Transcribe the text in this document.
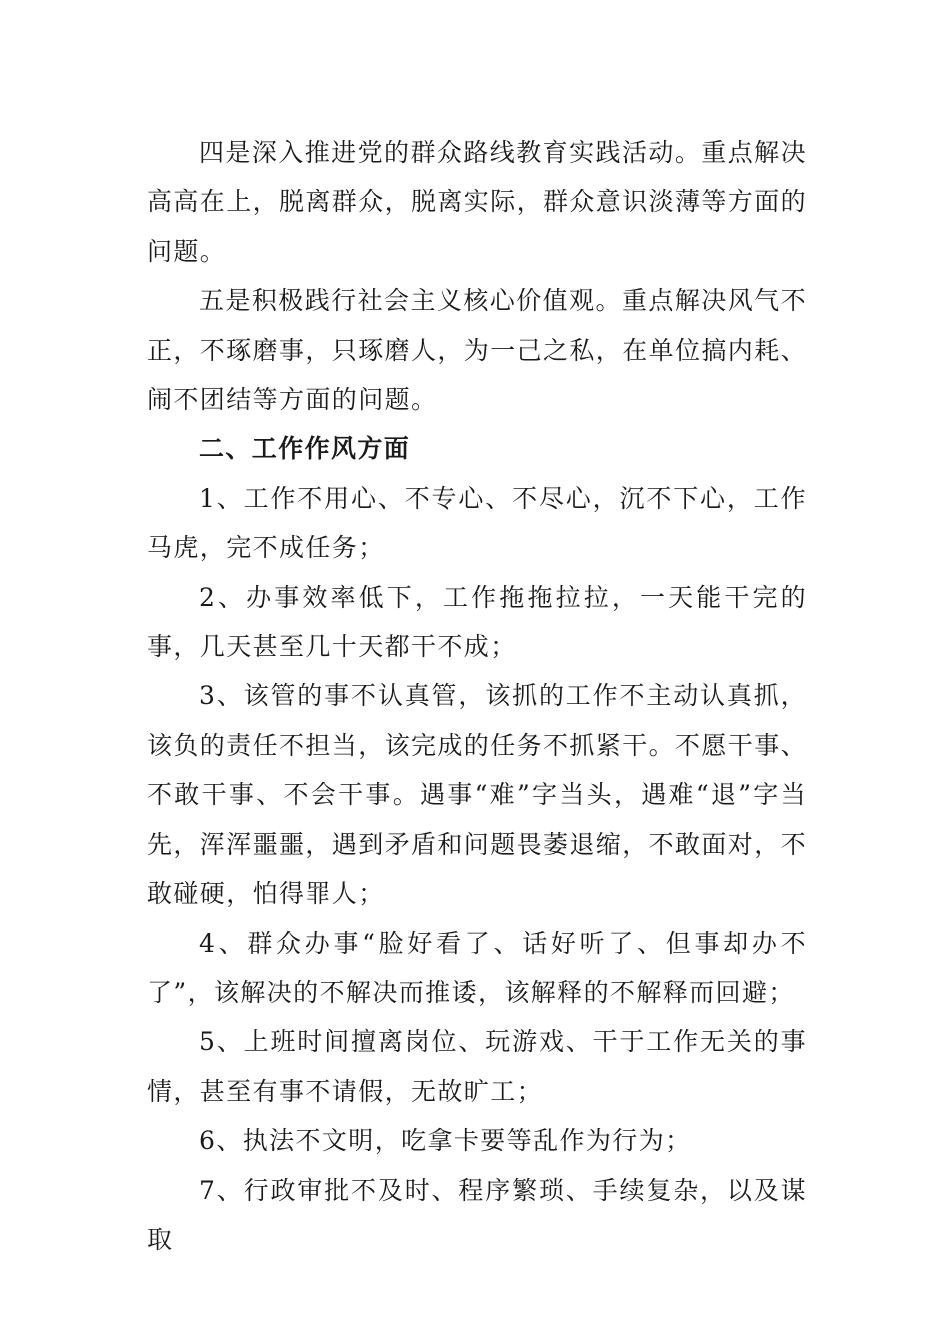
四是深入推进党的群众路线教育实践活动。重点解决高高在上，脱离群众，脱离实际，群众意识淡薄等方面的问题。

五是积极践行社会主义核心价值观。重点解决风气不正，不琢磨事，只琢磨人，为一己之私，在单位搞内耗、闹不团结等方面的问题。

二、工作作风方面

1、工作不用心、不专心、不尽心，沉不下心，工作马虎，完不成任务；

2、办事效率低下，工作拖拖拉拉，一天能干完的事，几天甚至几十天都干不成；

3、该管的事不认真管，该抓的工作不主动认真抓，该负的责任不担当，该完成的任务不抓紧干。不愿干事、不敢干事、不会干事。遇事“难”字当头，遇难“退”字当先，浑浑噩噩，遇到矛盾和问题畏萎退缩，不敢面对，不敢碰硬，怕得罪人；

4、群众办事“脸好看了、话好听了、但事却办不了”，该解决的不解决而推诿，该解释的不解释而回避；

5、上班时间擅离岗位、玩游戏、干于工作无关的事情，甚至有事不请假，无故旷工；

6、执法不文明，吃拿卡要等乱作为行为；

7、行政审批不及时、程序繁琐、手续复杂，以及谋取
